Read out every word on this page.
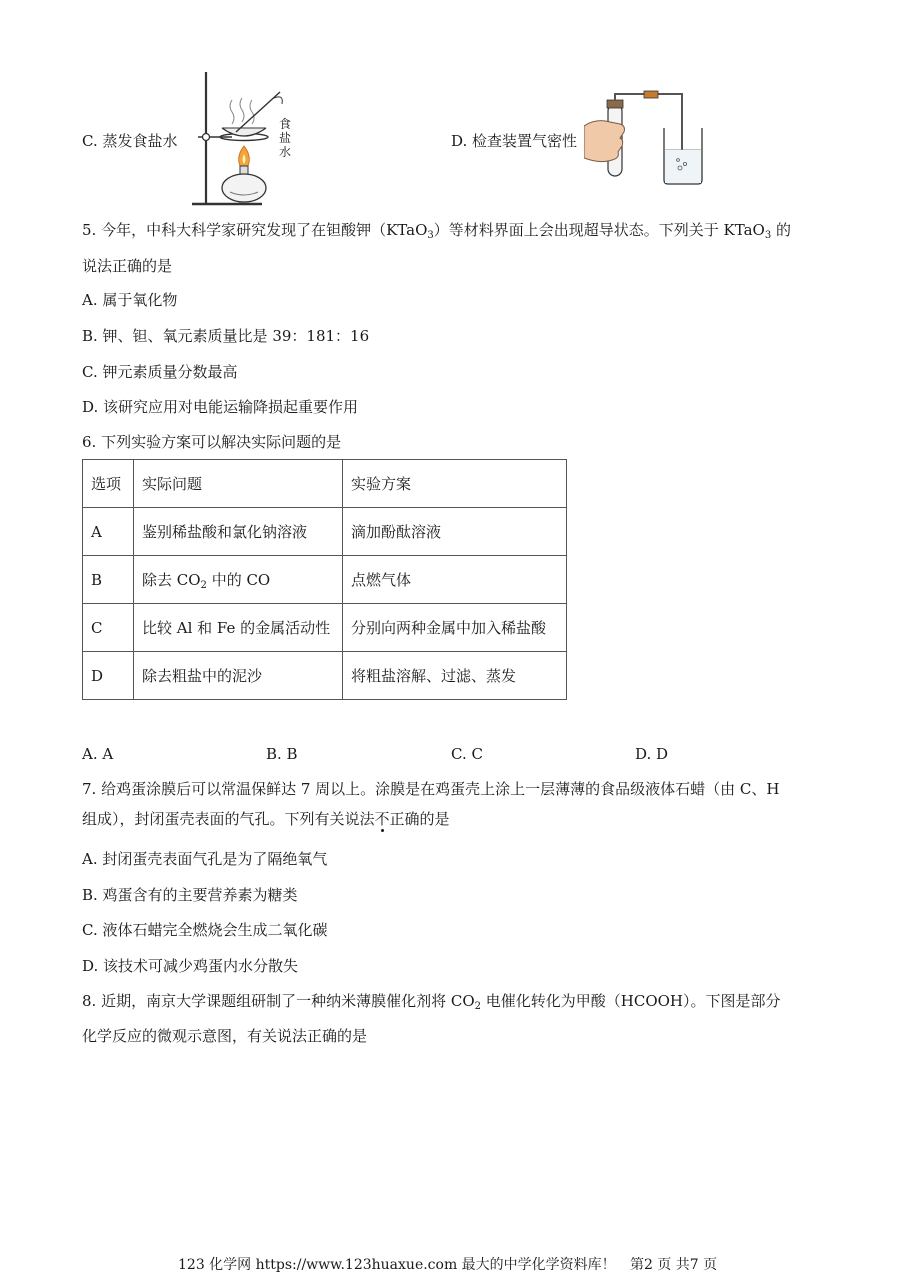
C. 蒸发食盐水
食
盐
水
D. 检查装置气密性
5. 今年，中科大科学家研究发现了在钽酸钾（KTaO$_3$）等材料界面上会出现超导状态。下列关于 KTaO$_3$ 的
说法正确的是
A. 属于氧化物
B. 钾、钽、氧元素质量比是 39：181：16
C. 钾元素质量分数最高
D. 该研究应用对电能运输降损起重要作用
6. 下列实验方案可以解决实际问题的是
选项	实际问题	实验方案
A	鉴别稀盐酸和氯化钠溶液	滴加酚酞溶液
B	除去 $CO_2$ 中的 CO	点燃气体
C	比较 Al 和 Fe 的金属活动性	分别向两种金属中加入稀盐酸
D	除去粗盐中的泥沙	将粗盐溶解、过滤、蒸发
A. A	B. B	C. C	D. D
7. 给鸡蛋涂膜后可以常温保鲜达 7 周以上。涂膜是在鸡蛋壳上涂上一层薄薄的食品级液体石蜡（由 C、H
组成），封闭蛋壳表面的气孔。下列有关说法不正确的是
A. 封闭蛋壳表面气孔是为了隔绝氧气
B. 鸡蛋含有的主要营养素为糖类
C. 液体石蜡完全燃烧会生成二氧化碳
D. 该技术可减少鸡蛋内水分散失
8. 近期，南京大学课题组研制了一种纳米薄膜催化剂将 $CO_2$ 电催化转化为甲酸（HCOOH）。下图是部分
化学反应的微观示意图，有关说法正确的是
123 化学网 https://www.123huaxue.com 最大的中学化学资料库！ 第2 页 共7 页
